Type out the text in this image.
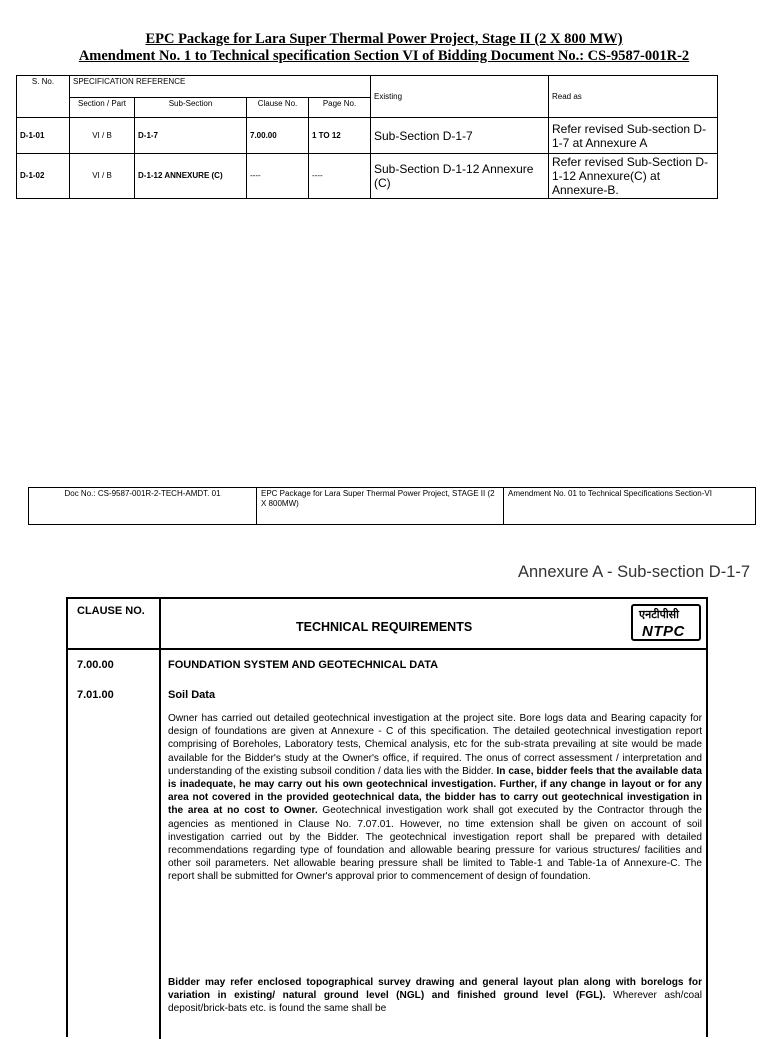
EPC Package for Lara Super Thermal Power Project, Stage II (2 X 800 MW)
Amendment No. 1 to Technical specification Section VI of Bidding Document No.: CS-9587-001R-2
S. No.	SPECIFICATION REFERENCE				Existing	Read as
	Section / Part	Sub-Section	Clause No.	Page No.		
D-1-01	VI / B	D-1-7	7.00.00	1 TO 12	Sub-Section D-1-7	Refer revised Sub-section D-1-7 at Annexure A
D-1-02	VI / B	D-1-12 ANNEXURE (C)	----	----	Sub-Section D-1-12 Annexure (C)	Refer revised Sub-Section D-1-12 Annexure(C) at Annexure-B.
Doc No.: CS-9587-001R-2-TECH-AMDT. 01	EPC Package for Lara Super Thermal Power Project, STAGE II (2 X 800MW)
Amendment No. 01 to Technical Specifications Section-VI
Annexure A - Sub-section D-1-7
CLAUSE NO.
TECHNICAL REQUIREMENTS
एनटीपीसी
NTPC
7.00.00	FOUNDATION SYSTEM AND GEOTECHNICAL DATA
7.01.00	Soil Data
Owner has carried out detailed geotechnical investigation at the project site. Bore logs data and Bearing capacity for design of foundations are given at Annexure - C of this specification. The detailed geotechnical investigation report comprising of Boreholes, Laboratory tests, Chemical analysis, etc for the sub-strata prevailing at site would be made available for the Bidder's study at the Owner's office, if required. The onus of correct assessment / interpretation and understanding of the existing subsoil condition / data lies with the Bidder. In case, bidder feels that the available data is inadequate, he may carry out his own geotechnical investigation. Further, if any change in layout or for any area not covered in the provided geotechnical data, the bidder has to carry out geotechnical investigation in the area at no cost to Owner. Geotechnical investigation work shall got executed by the Contractor through the agencies as mentioned in Clause No. 7.07.01. However, no time extension shall be given on account of soil investigation carried out by the Bidder. The geotechnical investigation report shall be prepared with detailed recommendations regarding type of foundation and allowable bearing pressure for various structures/ facilities and other soil parameters. Net allowable bearing pressure shall be limited to Table-1 and Table-1a of Annexure-C. The report shall be submitted for Owner's approval prior to commencement of design of foundation.
Bidder may refer enclosed topographical survey drawing and general layout plan along with borelogs for variation in existing/ natural ground level (NGL) and finished ground level (FGL). Wherever ash/coal deposit/brick-bats etc. is found the same shall be
